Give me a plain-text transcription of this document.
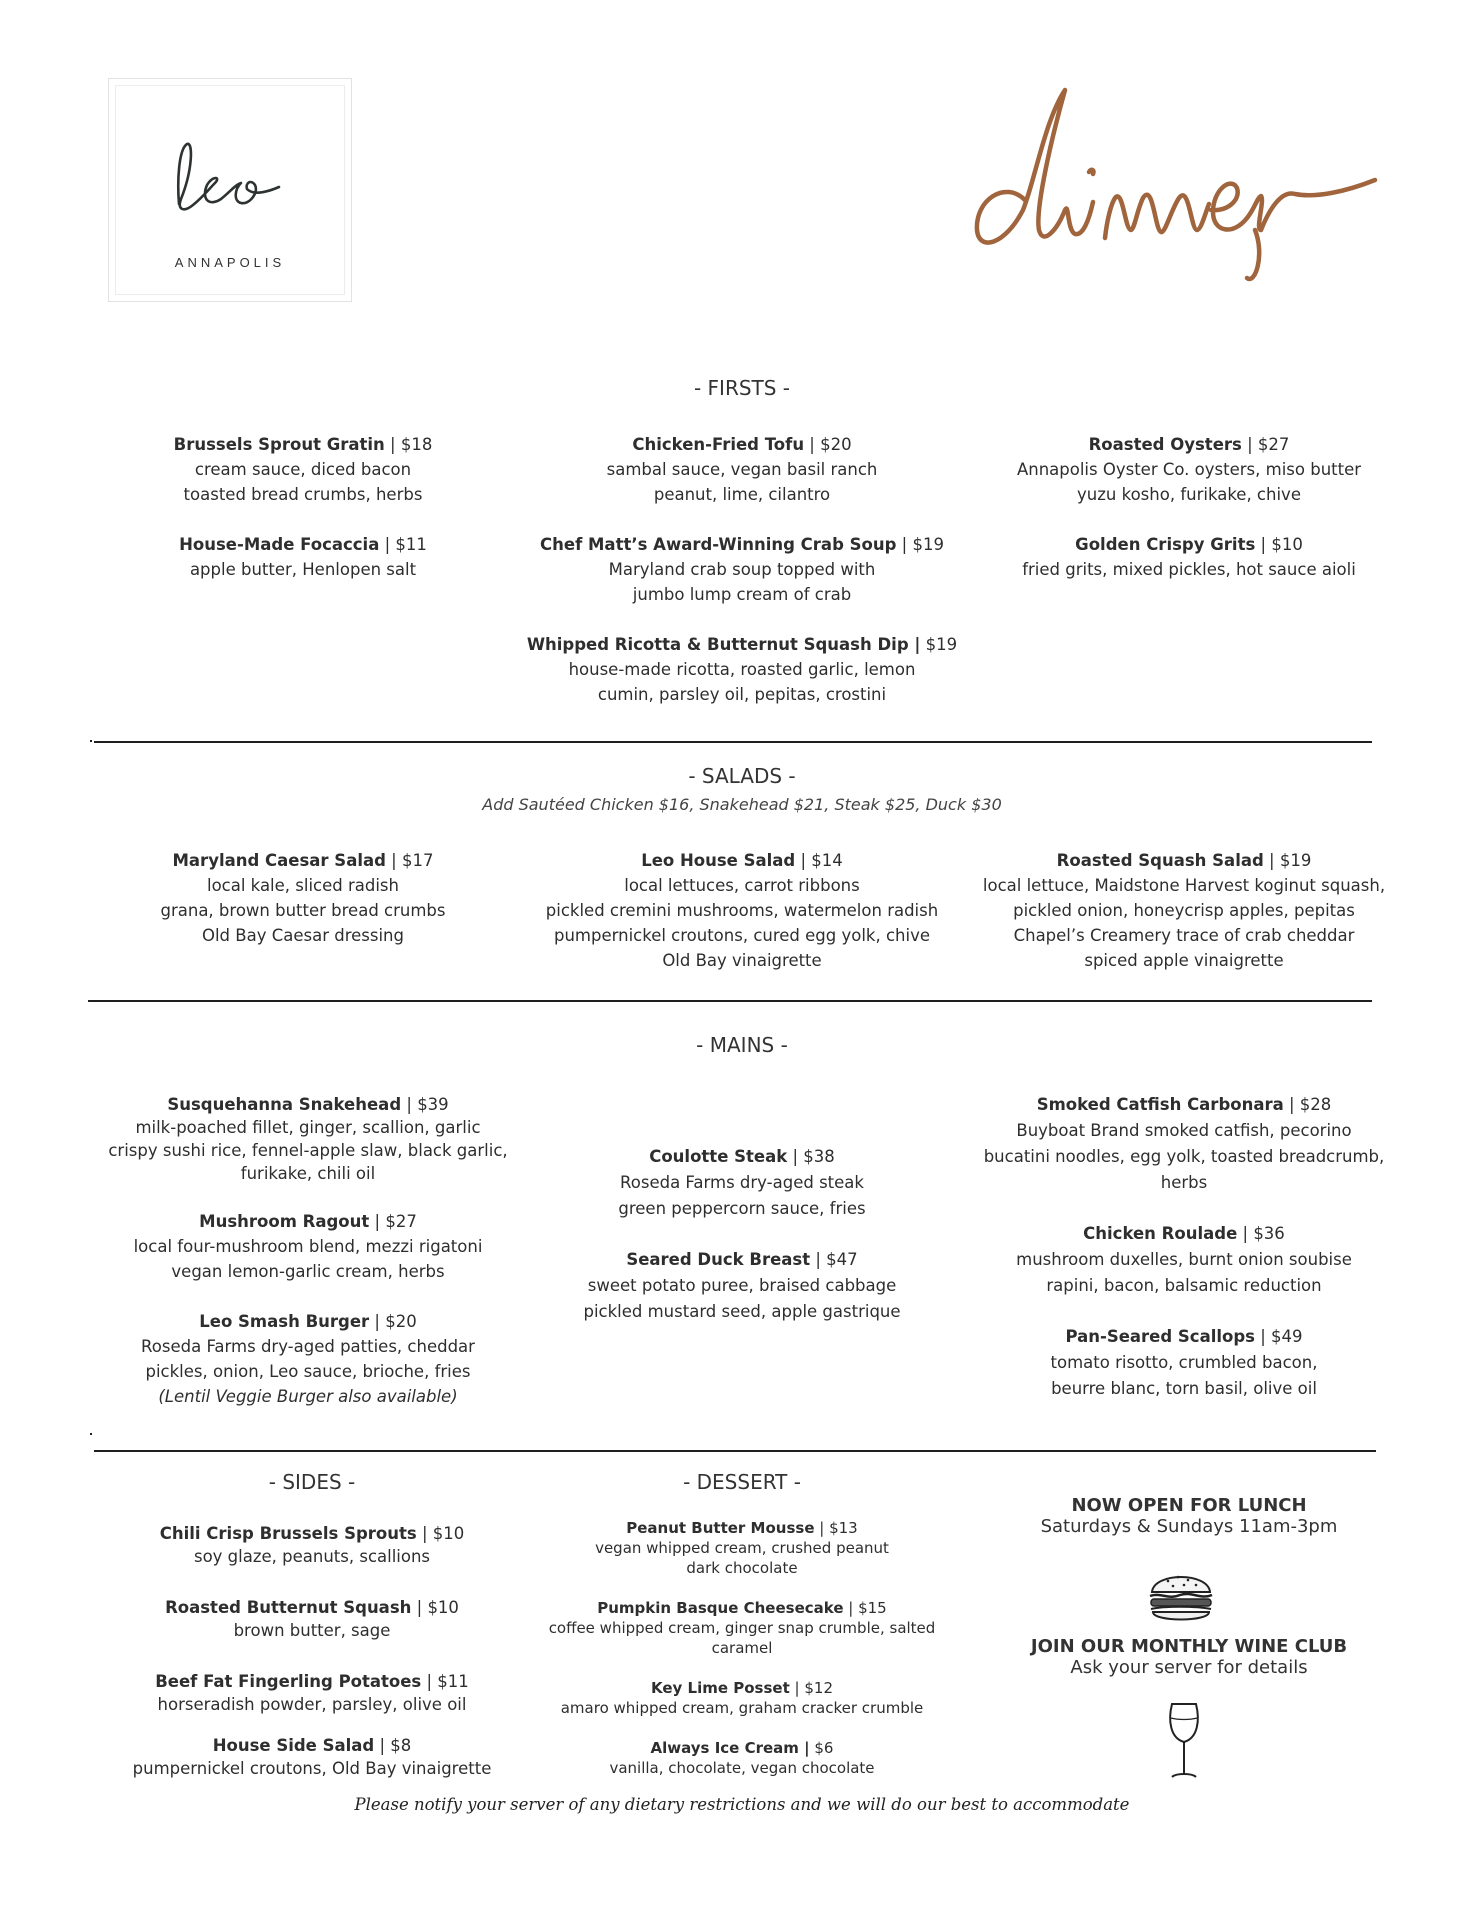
ANNAPOLIS
- FIRSTS -
Brussels Sprout Gratin | $18
cream sauce, diced bacon
toasted bread crumbs, herbs
House-Made Focaccia | $11
apple butter, Henlopen salt
Chicken-Fried Tofu | $20
sambal sauce, vegan basil ranch
peanut, lime, cilantro
Chef Matt’s Award-Winning Crab Soup | $19
Maryland crab soup topped with
jumbo lump cream of crab
Whipped Ricotta & Butternut Squash Dip | $19
house-made ricotta, roasted garlic, lemon
cumin, parsley oil, pepitas, crostini
Roasted Oysters | $27
Annapolis Oyster Co. oysters, miso butter
yuzu kosho, furikake, chive
Golden Crispy Grits | $10
fried grits, mixed pickles, hot sauce aioli
- SALADS -
Add Sautéed Chicken $16, Snakehead $21, Steak $25, Duck $30
Maryland Caesar Salad | $17
local kale, sliced radish
grana, brown butter bread crumbs
Old Bay Caesar dressing
Leo House Salad | $14
local lettuces, carrot ribbons
pickled cremini mushrooms, watermelon radish
pumpernickel croutons, cured egg yolk, chive
Old Bay vinaigrette
Roasted Squash Salad | $19
local lettuce, Maidstone Harvest koginut squash,
pickled onion, honeycrisp apples, pepitas
Chapel’s Creamery trace of crab cheddar
spiced apple vinaigrette
- MAINS -
Susquehanna Snakehead | $39
milk-poached fillet, ginger, scallion, garlic
crispy sushi rice, fennel-apple slaw, black garlic,
furikake, chili oil
Mushroom Ragout | $27
local four-mushroom blend, mezzi rigatoni
vegan lemon-garlic cream, herbs
Leo Smash Burger | $20
Roseda Farms dry-aged patties, cheddar
pickles, onion, Leo sauce, brioche, fries
(Lentil Veggie Burger also available)
Coulotte Steak | $38
Roseda Farms dry-aged steak
green peppercorn sauce, fries
Seared Duck Breast | $47
sweet potato puree, braised cabbage
pickled mustard seed, apple gastrique
Smoked Catfish Carbonara | $28
Buyboat Brand smoked catfish, pecorino
bucatini noodles, egg yolk, toasted breadcrumb,
herbs
Chicken Roulade | $36
mushroom duxelles, burnt onion soubise
rapini, bacon, balsamic reduction
Pan-Seared Scallops | $49
tomato risotto, crumbled bacon,
beurre blanc, torn basil, olive oil
- SIDES -
Chili Crisp Brussels Sprouts | $10
soy glaze, peanuts, scallions
Roasted Butternut Squash | $10
brown butter, sage
Beef Fat Fingerling Potatoes | $11
horseradish powder, parsley, olive oil
House Side Salad | $8
pumpernickel croutons, Old Bay vinaigrette
- DESSERT -
Peanut Butter Mousse | $13
vegan whipped cream, crushed peanut
dark chocolate
Pumpkin Basque Cheesecake | $15
coffee whipped cream, ginger snap crumble, salted
caramel
Key Lime Posset | $12
amaro whipped cream, graham cracker crumble
Always Ice Cream | $6
vanilla, chocolate, vegan chocolate
NOW OPEN FOR LUNCH
Saturdays & Sundays 11am-3pm
JOIN OUR MONTHLY WINE CLUB
Ask your server for details
Please notify your server of any dietary restrictions and we will do our best to accommodate
